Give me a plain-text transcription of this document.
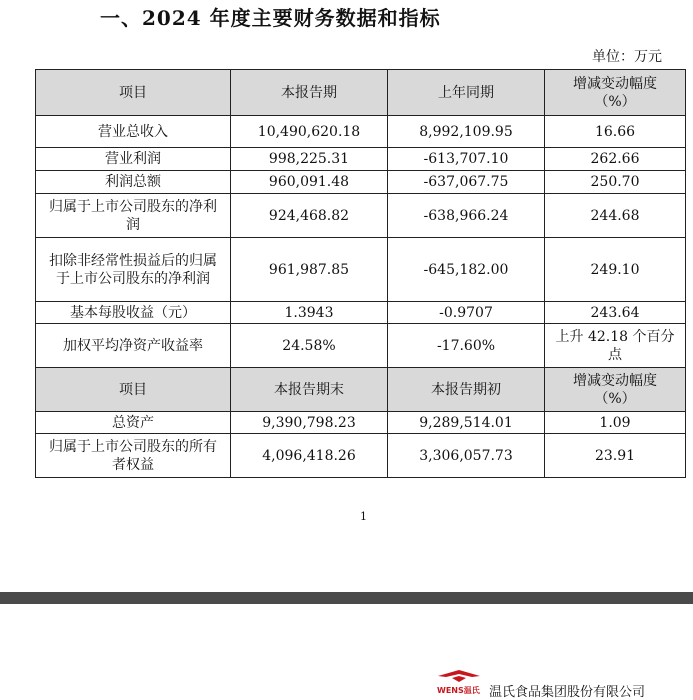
一、2024 年度主要财务数据和指标
单位：万元
项目	本报告期	上年同期	增减变动幅度（%）
营业总收入	10,490,620.18	8,992,109.95	16.66
营业利润	998,225.31	-613,707.10	262.66
利润总额	960,091.48	-637,067.75	250.70
归属于上市公司股东的净利润	924,468.82	-638,966.24	244.68
扣除非经常性损益后的归属于上市公司股东的净利润	961,987.85	-645,182.00	249.10
基本每股收益（元）	1.3943	-0.9707	243.64
加权平均净资产收益率	24.58%	-17.60%	上升 42.18 个百分点
项目	本报告期末	本报告期初	增减变动幅度（%）
总资产	9,390,798.23	9,289,514.01	1.09
归属于上市公司股东的所有者权益	4,096,418.26	3,306,057.73	23.91
1
WENS温氏 温氏食品集团股份有限公司
